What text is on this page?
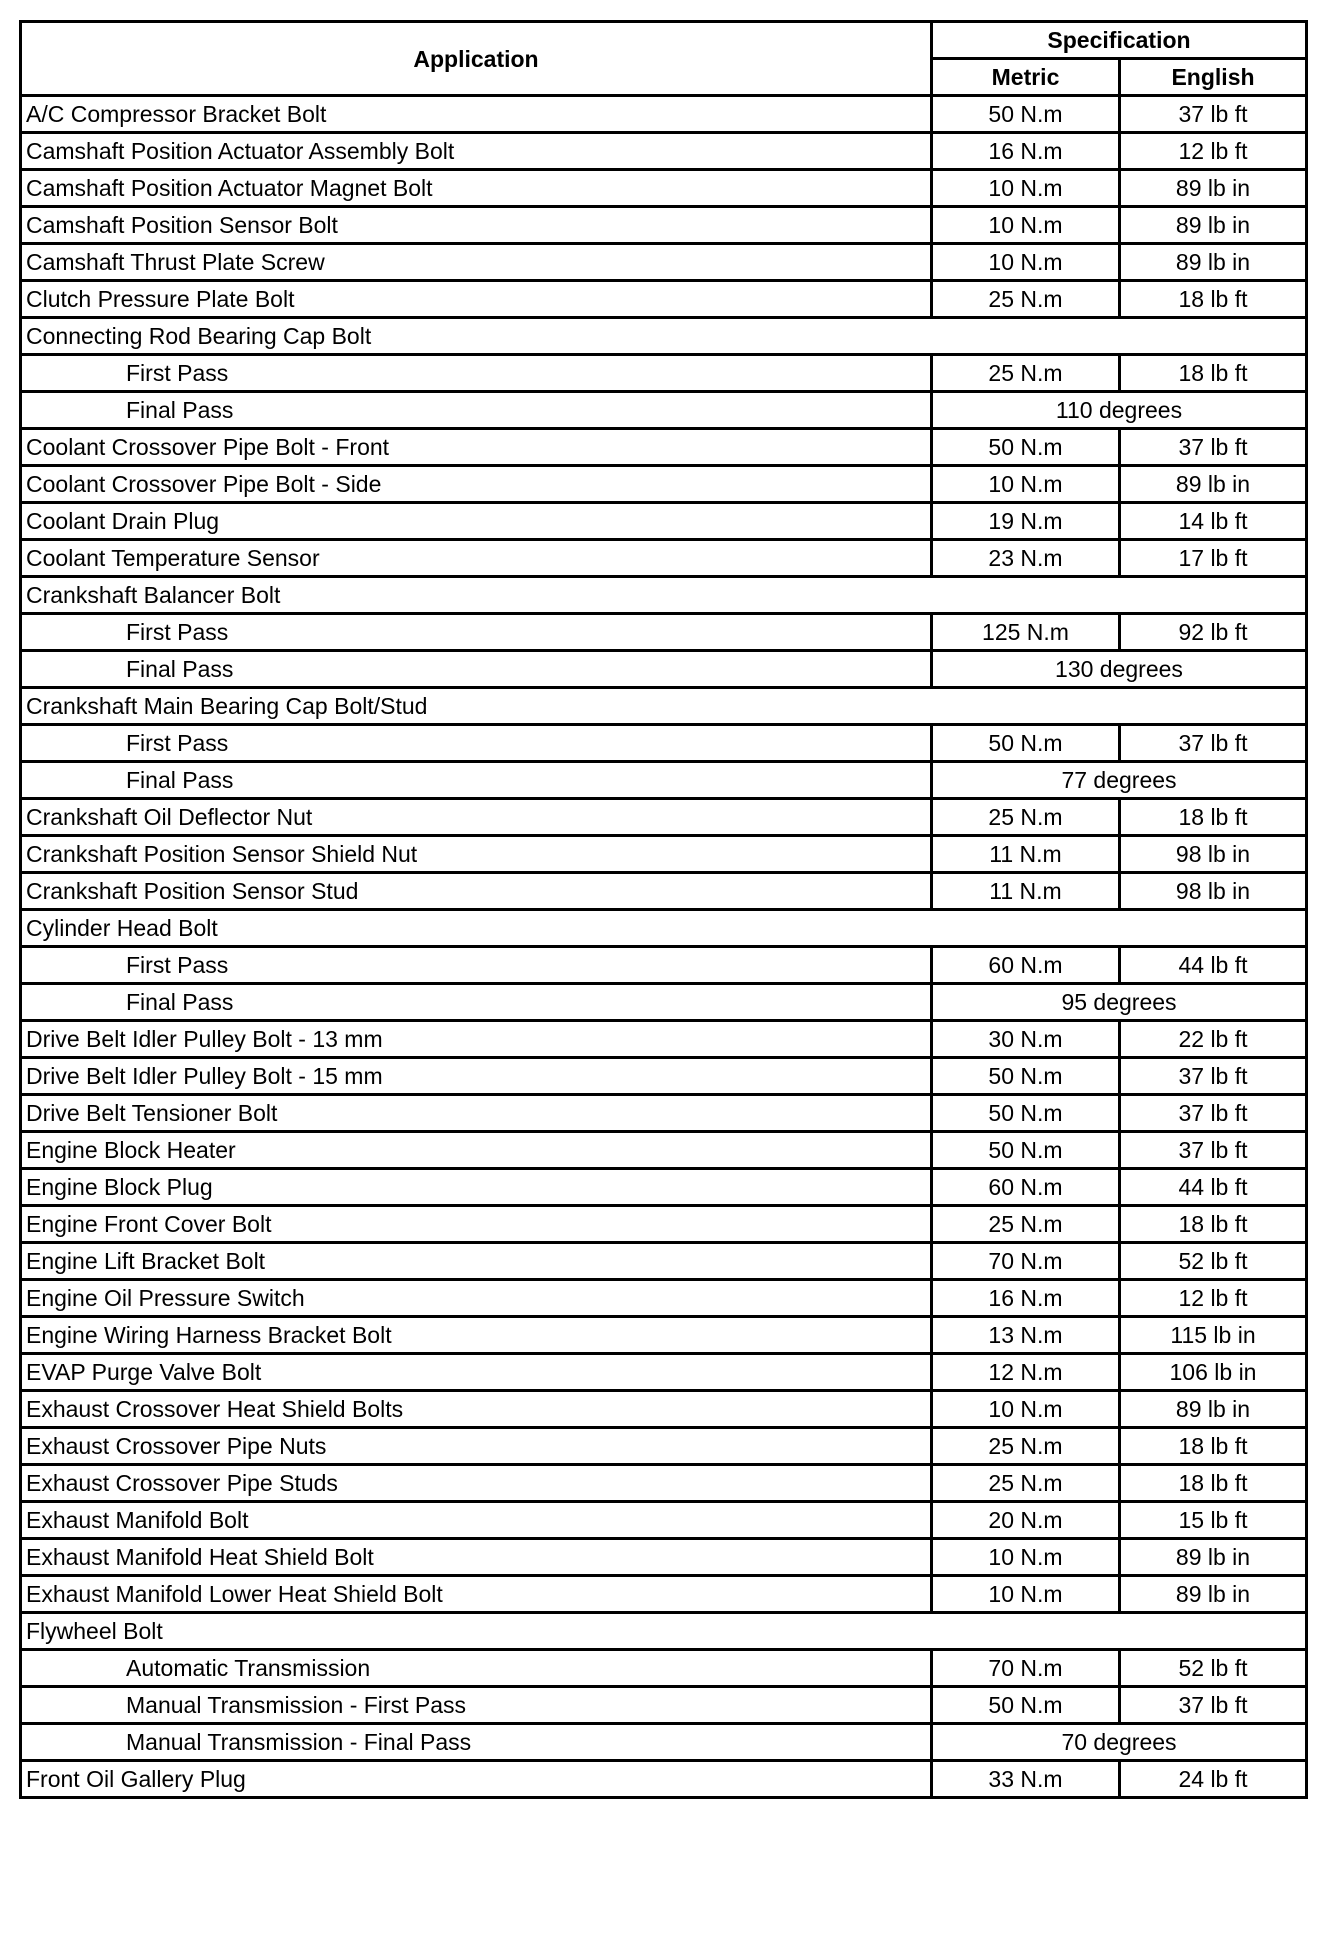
Application	Specification	
	Metric	English
A/C Compressor Bracket Bolt	50 N.m	37 lb ft
Camshaft Position Actuator Assembly Bolt	16 N.m	12 lb ft
Camshaft Position Actuator Magnet Bolt	10 N.m	89 lb in
Camshaft Position Sensor Bolt	10 N.m	89 lb in
Camshaft Thrust Plate Screw	10 N.m	89 lb in
Clutch Pressure Plate Bolt	25 N.m	18 lb ft
Connecting Rod Bearing Cap Bolt		
First Pass	25 N.m	18 lb ft
Final Pass	110 degrees	
Coolant Crossover Pipe Bolt - Front	50 N.m	37 lb ft
Coolant Crossover Pipe Bolt - Side	10 N.m	89 lb in
Coolant Drain Plug	19 N.m	14 lb ft
Coolant Temperature Sensor	23 N.m	17 lb ft
Crankshaft Balancer Bolt		
First Pass	125 N.m	92 lb ft
Final Pass	130 degrees	
Crankshaft Main Bearing Cap Bolt/Stud		
First Pass	50 N.m	37 lb ft
Final Pass	77 degrees	
Crankshaft Oil Deflector Nut	25 N.m	18 lb ft
Crankshaft Position Sensor Shield Nut	11 N.m	98 lb in
Crankshaft Position Sensor Stud	11 N.m	98 lb in
Cylinder Head Bolt		
First Pass	60 N.m	44 lb ft
Final Pass	95 degrees	
Drive Belt Idler Pulley Bolt - 13 mm	30 N.m	22 lb ft
Drive Belt Idler Pulley Bolt - 15 mm	50 N.m	37 lb ft
Drive Belt Tensioner Bolt	50 N.m	37 lb ft
Engine Block Heater	50 N.m	37 lb ft
Engine Block Plug	60 N.m	44 lb ft
Engine Front Cover Bolt	25 N.m	18 lb ft
Engine Lift Bracket Bolt	70 N.m	52 lb ft
Engine Oil Pressure Switch	16 N.m	12 lb ft
Engine Wiring Harness Bracket Bolt	13 N.m	115 lb in
EVAP Purge Valve Bolt	12 N.m	106 lb in
Exhaust Crossover Heat Shield Bolts	10 N.m	89 lb in
Exhaust Crossover Pipe Nuts	25 N.m	18 lb ft
Exhaust Crossover Pipe Studs	25 N.m	18 lb ft
Exhaust Manifold Bolt	20 N.m	15 lb ft
Exhaust Manifold Heat Shield Bolt	10 N.m	89 lb in
Exhaust Manifold Lower Heat Shield Bolt	10 N.m	89 lb in
Flywheel Bolt		
Automatic Transmission	70 N.m	52 lb ft
Manual Transmission - First Pass	50 N.m	37 lb ft
Manual Transmission - Final Pass	70 degrees	
Front Oil Gallery Plug	33 N.m	24 lb ft
